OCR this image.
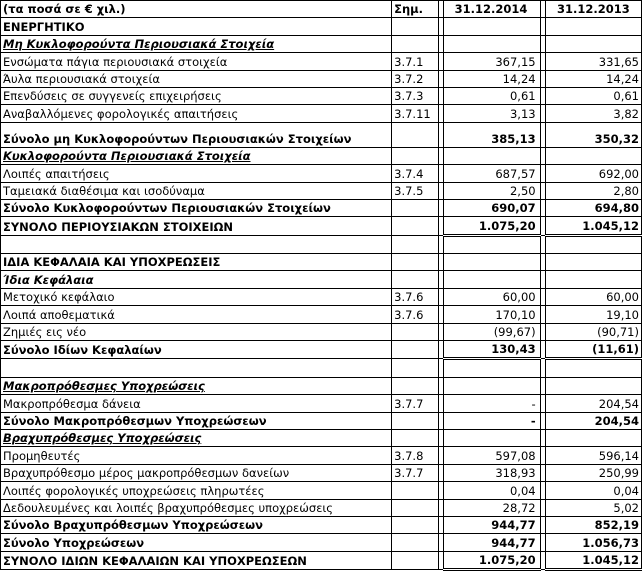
(τα ποσά σε € χιλ.)	Σημ.		31.12.2014		31.12.2013
ΕΝΕΡΓΗΤΙΚΟ					
Μη Κυκλοφορούντα Περιουσιακά Στοιχεία					
Ενσώματα πάγια περιουσιακά στοιχεία	3.7.1		367,15		331,65
Άυλα περιουσιακά στοιχεία	3.7.2		14,24		14,24
Επενδύσεις σε συγγενείς επιχειρήσεις	3.7.3		0,61		0,61
Αναβαλλόμενες φορολογικές απαιτήσεις	3.7.11		3,13		3,82
Σύνολο μη Κυκλοφορούντων Περιουσιακών Στοιχείων			385,13		350,32
Κυκλοφορούντα Περιουσιακά Στοιχεία					
Λοιπές απαιτήσεις	3.7.4		687,57		692,00
Ταμειακά διαθέσιμα και ισοδύναμα	3.7.5		2,50		2,80
Σύνολο Κυκλοφορούντων Περιουσιακών Στοιχείων			690,07		694,80
ΣΥΝΟΛΟ ΠΕΡΙΟΥΣΙΑΚΩΝ ΣΤΟΙΧΕΙΩΝ			1.075,20		1.045,12

ΙΔΙΑ ΚΕΦΑΛΑΙΑ ΚΑΙ ΥΠΟΧΡΕΩΣΕΙΣ					
Ίδια Κεφάλαια					
Μετοχικό κεφάλαιο	3.7.6		60,00		60,00
Λοιπά αποθεματικά	3.7.6		170,10		19,10
Ζημιές εις νέο			(99,67)		(90,71)
Σύνολο Ιδίων Κεφαλαίων			130,43		(11,61)

Μακροπρόθεσμες Υποχρεώσεις					
Μακροπρόθεσμα δάνεια	3.7.7		-		204,54
Σύνολο Μακροπρόθεσμων Υποχρεώσεων			-		204,54
Βραχυπρόθεσμες Υποχρεώσεις					
Προμηθευτές	3.7.8		597,08		596,14
Βραχυπρόθεσμο μέρος μακροπρόθεσμων δανείων	3.7.7		318,93		250,99
Λοιπές φορολογικές υποχρεώσεις πληρωτέες			0,04		0,04
Δεδουλευμένες και λοιπές βραχυπρόθεσμες υποχρεώσεις			28,72		5,02
Σύνολο Βραχυπρόθεσμων Υποχρεώσεων			944,77		852,19
Σύνολο Υποχρεώσεων			944,77		1.056,73
ΣΥΝΟΛΟ ΙΔΙΩΝ ΚΕΦΑΛΑΙΩΝ ΚΑΙ ΥΠΟΧΡΕΩΣΕΩΝ			1.075,20		1.045,12
